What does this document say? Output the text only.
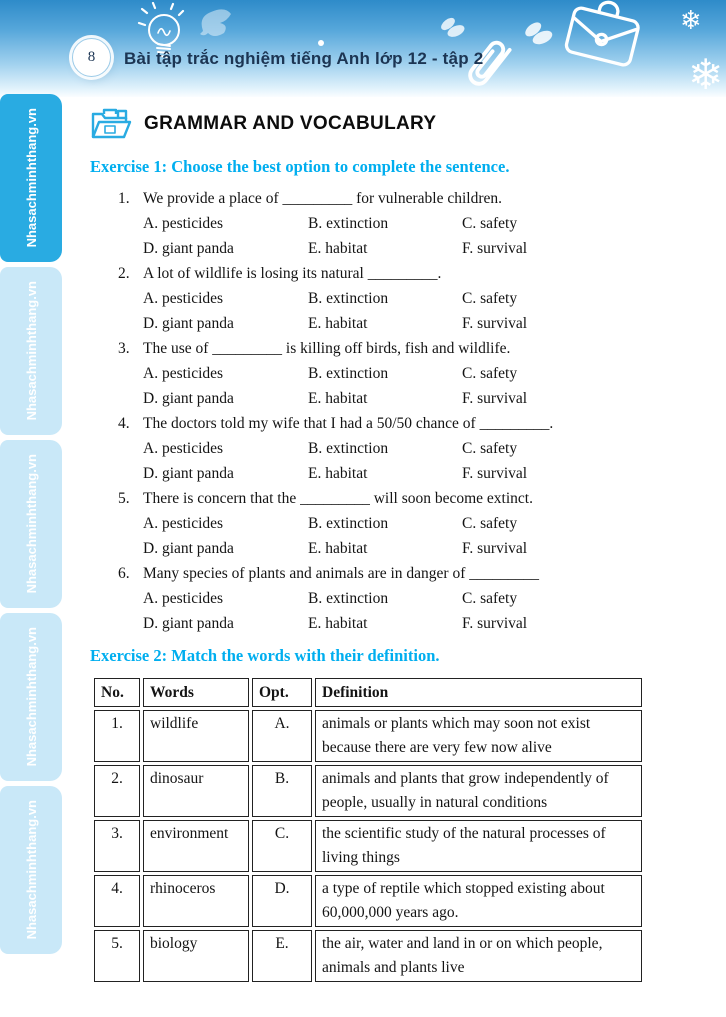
❄
❄
8 Bài tập trắc nghiệm tiếng Anh lớp 12 - tập 2
Nhasachminhthang.vn
Nhasachminhthang.vn
Nhasachminhthang.vn
Nhasachminhthang.vn
Nhasachminhthang.vn
GRAMMAR AND VOCABULARY
Exercise 1: Choose the best option to complete the sentence.
1. We provide a place of _________ for vulnerable children.
A. pesticides	B. extinction	C. safety
D. giant panda	E. habitat	F. survival
2. A lot of wildlife is losing its natural _________.
A. pesticides	B. extinction	C. safety
D. giant panda	E. habitat	F. survival
3. The use of _________ is killing off birds, fish and wildlife.
A. pesticides	B. extinction	C. safety
D. giant panda	E. habitat	F. survival
4. The doctors told my wife that I had a 50/50 chance of _________.
A. pesticides	B. extinction	C. safety
D. giant panda	E. habitat	F. survival
5. There is concern that the _________ will soon become extinct.
A. pesticides	B. extinction	C. safety
D. giant panda	E. habitat	F. survival
6. Many species of plants and animals are in danger of _________
A. pesticides	B. extinction	C. safety
D. giant panda	E. habitat	F. survival
Exercise 2: Match the words with their definition.
No.	Words	Opt.	Definition
1.	wildlife	A.	animals or plants which may soon not exist because there are very few now alive
2.	dinosaur	B.	animals and plants that grow independently of people, usually in natural conditions
3.	environment	C.	the scientific study of the natural processes of living things
4.	rhinoceros	D.	a type of reptile which stopped existing about 60,000,000 years ago.
5.	biology	E.	the air, water and land in or on which people, animals and plants live
